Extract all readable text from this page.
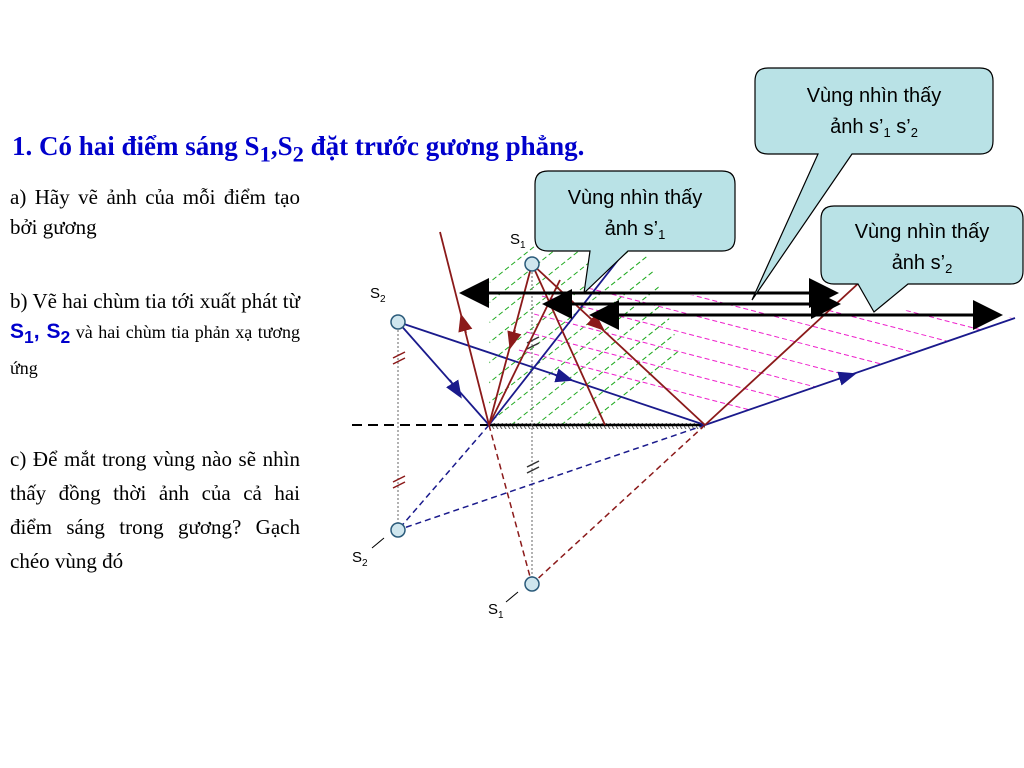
1. Có hai điểm sáng $S_1,S_2$ đặt trước gương phẳng.
a) Hãy vẽ ảnh của mỗi điểm tạo bởi gương
b) Vẽ hai chùm tia tới xuất phát từ $S_1$, $S_2$ và hai chùm tia phản xạ tương ứng
c) Để mắt trong vùng nào sẽ nhìn thấy đồng thời ảnh của cả hai điểm sáng trong gương? Gạch chéo vùng đó
$S_1$
$S_2$
$S_2$
$S_1$
Vùng nhìn thấy
ảnh $s’_1$ $s’_2$
Vùng nhìn thấy
ảnh $s’_1$	Vùng nhìn thấy
ảnh $s’_2$
